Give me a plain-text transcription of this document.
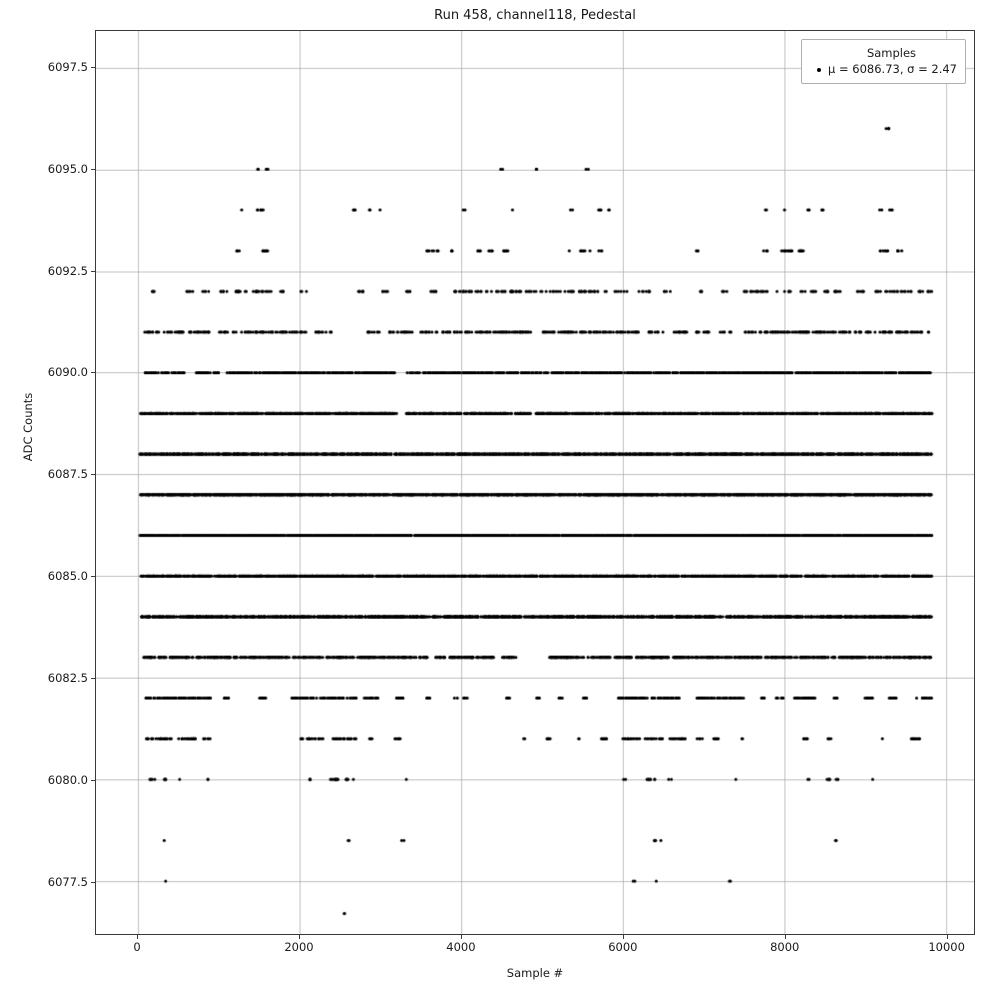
Run 458, channel118, Pedestal
ADC Counts
Sample #
6077.5
6080.0
6082.5
6085.0
6087.5
6090.0
6092.5
6095.0
6097.5
0	2000	4000	6000	8000	10000
Samples
μ = 6086.73, σ = 2.47
